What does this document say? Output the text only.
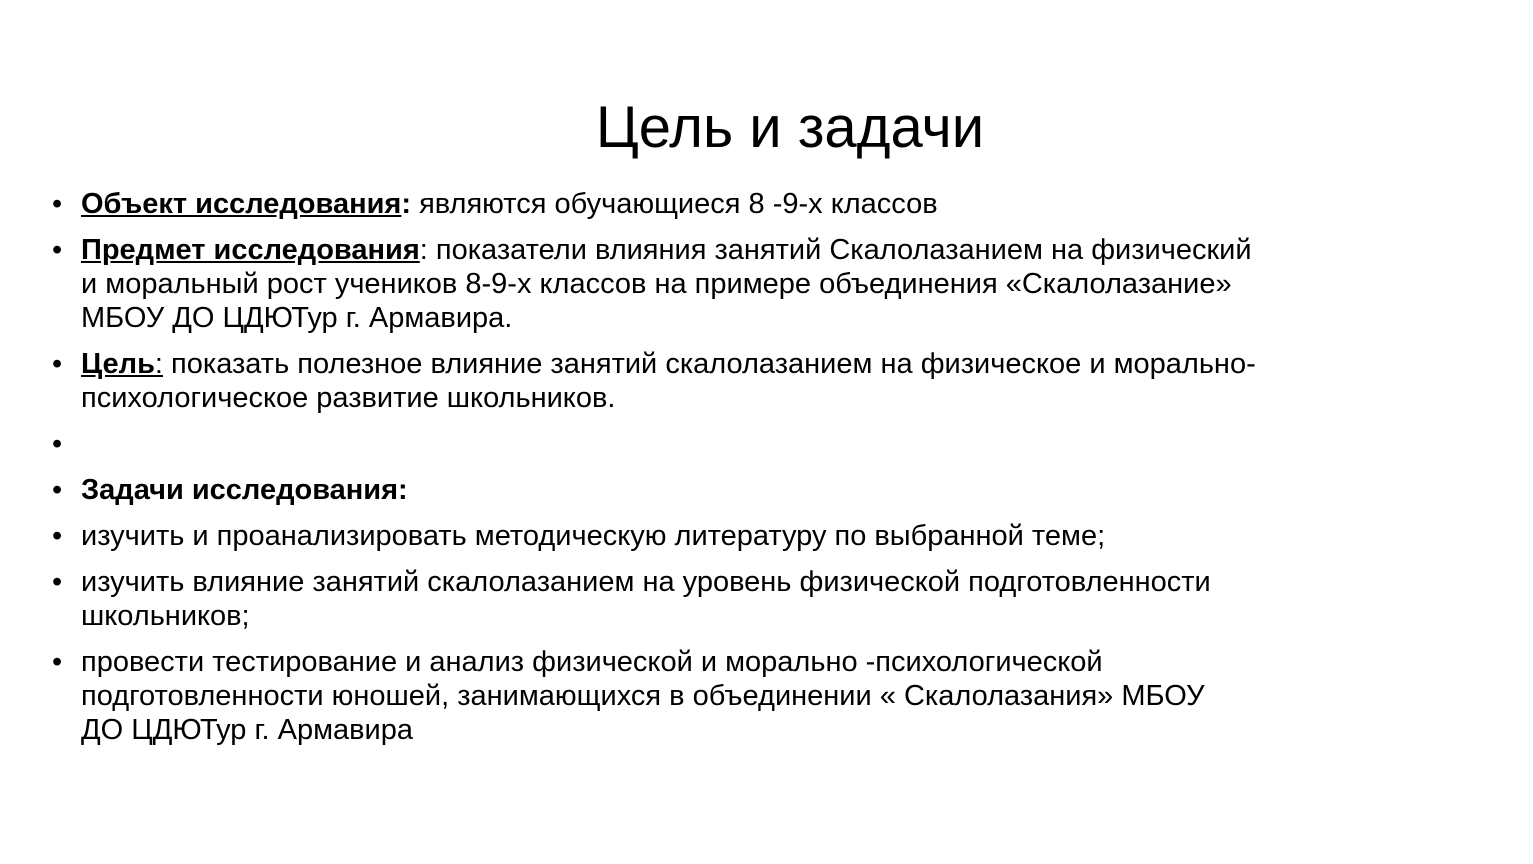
Цель и задачи
• Объект исследования: являются обучающиеся 8 -9-х классов
• Предмет исследования: показатели влияния занятий Скалолазанием на физический
и моральный рост учеников 8-9-х классов на примере объединения «Скалолазание»
МБОУ ДО ЦДЮТур г. Армавира.
• Цель: показать полезное влияние занятий скалолазанием на физическое и морально-
психологическое развитие школьников.
•
• Задачи исследования:
• изучить и проанализировать методическую литературу по выбранной теме;
• изучить влияние занятий скалолазанием на уровень физической подготовленности
школьников;
• провести тестирование и анализ физической и морально -психологической
подготовленности юношей, занимающихся в объединении « Скалолазания» МБОУ
ДО ЦДЮТур г. Армавира
